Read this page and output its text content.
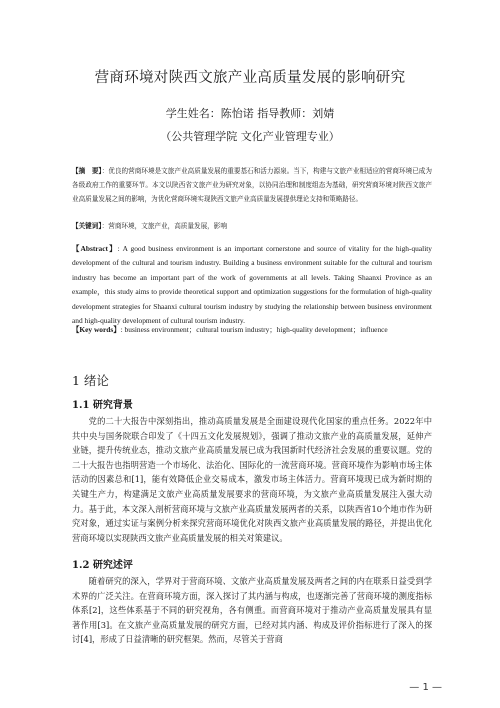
营商环境对陕西文旅产业高质量发展的影响研究
学生姓名：陈怡诺 指导教师：刘婧
（公共管理学院 文化产业管理专业）
【摘　要】：优良的营商环境是文旅产业高质量发展的重要基石和活力源泉。当下，构建与文旅产业相适应的营商环境已成为各级政府工作的重要环节。本文以陕西省文旅产业为研究对象，以协同治理和制度组态为基础，研究营商环境对陕西文旅产业高质量发展之间的影响，为优化营商环境实现陕西文旅产业高质量发展提供理论支持和策略路径。
【关键词】：营商环境，文旅产业，高质量发展，影响
【Abstract】: A good business environment is an important cornerstone and source of vitality for the high-quality development of the cultural and tourism industry. Building a business environment suitable for the cultural and tourism industry has become an important part of the work of governments at all levels. Taking Shaanxi Province as an example，this study aims to provide theoretical support and optimization suggestions for the formulation of high-quality development strategies for Shaanxi cultural tourism industry by studying the relationship between business environment and high-quality development of cultural tourism industry.
【Key words】: business environment；cultural tourism industry；high-quality development；influence
1 绪论
1.1 研究背景

党的二十大报告中深刻指出，推动高质量发展是全面建设现代化国家的重点任务。2022年中共中央与国务院联合印发了《十四五文化发展规划》，强调了推动文旅产业的高质量发展，延伸产业链，提升传统业态，推动文旅产业高质量发展已成为我国新时代经济社会发展的重要议题。党的二十大报告也指明营造一个市场化、法治化、国际化的一流营商环境。营商环境作为影响市场主体活动的因素总和[1]，能有效降低企业交易成本，激发市场主体活力。营商环境现已成为新时期的关键生产力，构建满足文旅产业高质量发展要求的营商环境，为文旅产业高质量发展注入强大动力。基于此，本文深入剖析营商环境与文旅产业高质量发展两者的关系，以陕西省10个地市作为研究对象，通过实证与案例分析来探究营商环境优化对陕西文旅产业高质量发展的路径，并提出优化营商环境以实现陕西文旅产业高质量发展的相关对策建议。

1.2 研究述评

随着研究的深入，学界对于营商环境、文旅产业高质量发展及两者之间的内在联系日益受到学术界的广泛关注。在营商环境方面，深入探讨了其内涵与构成，也逐渐完善了营商环境的测度指标体系[2]，这些体系基于不同的研究视角，各有侧重。而营商环境对于推动产业高质量发展具有显著作用[3]。在文旅产业高质量发展的研究方面，已经对其内涵、构成及评价指标进行了深入的探讨[4]，形成了日益清晰的研究框架。然而，尽管关于营商

— 1 —
